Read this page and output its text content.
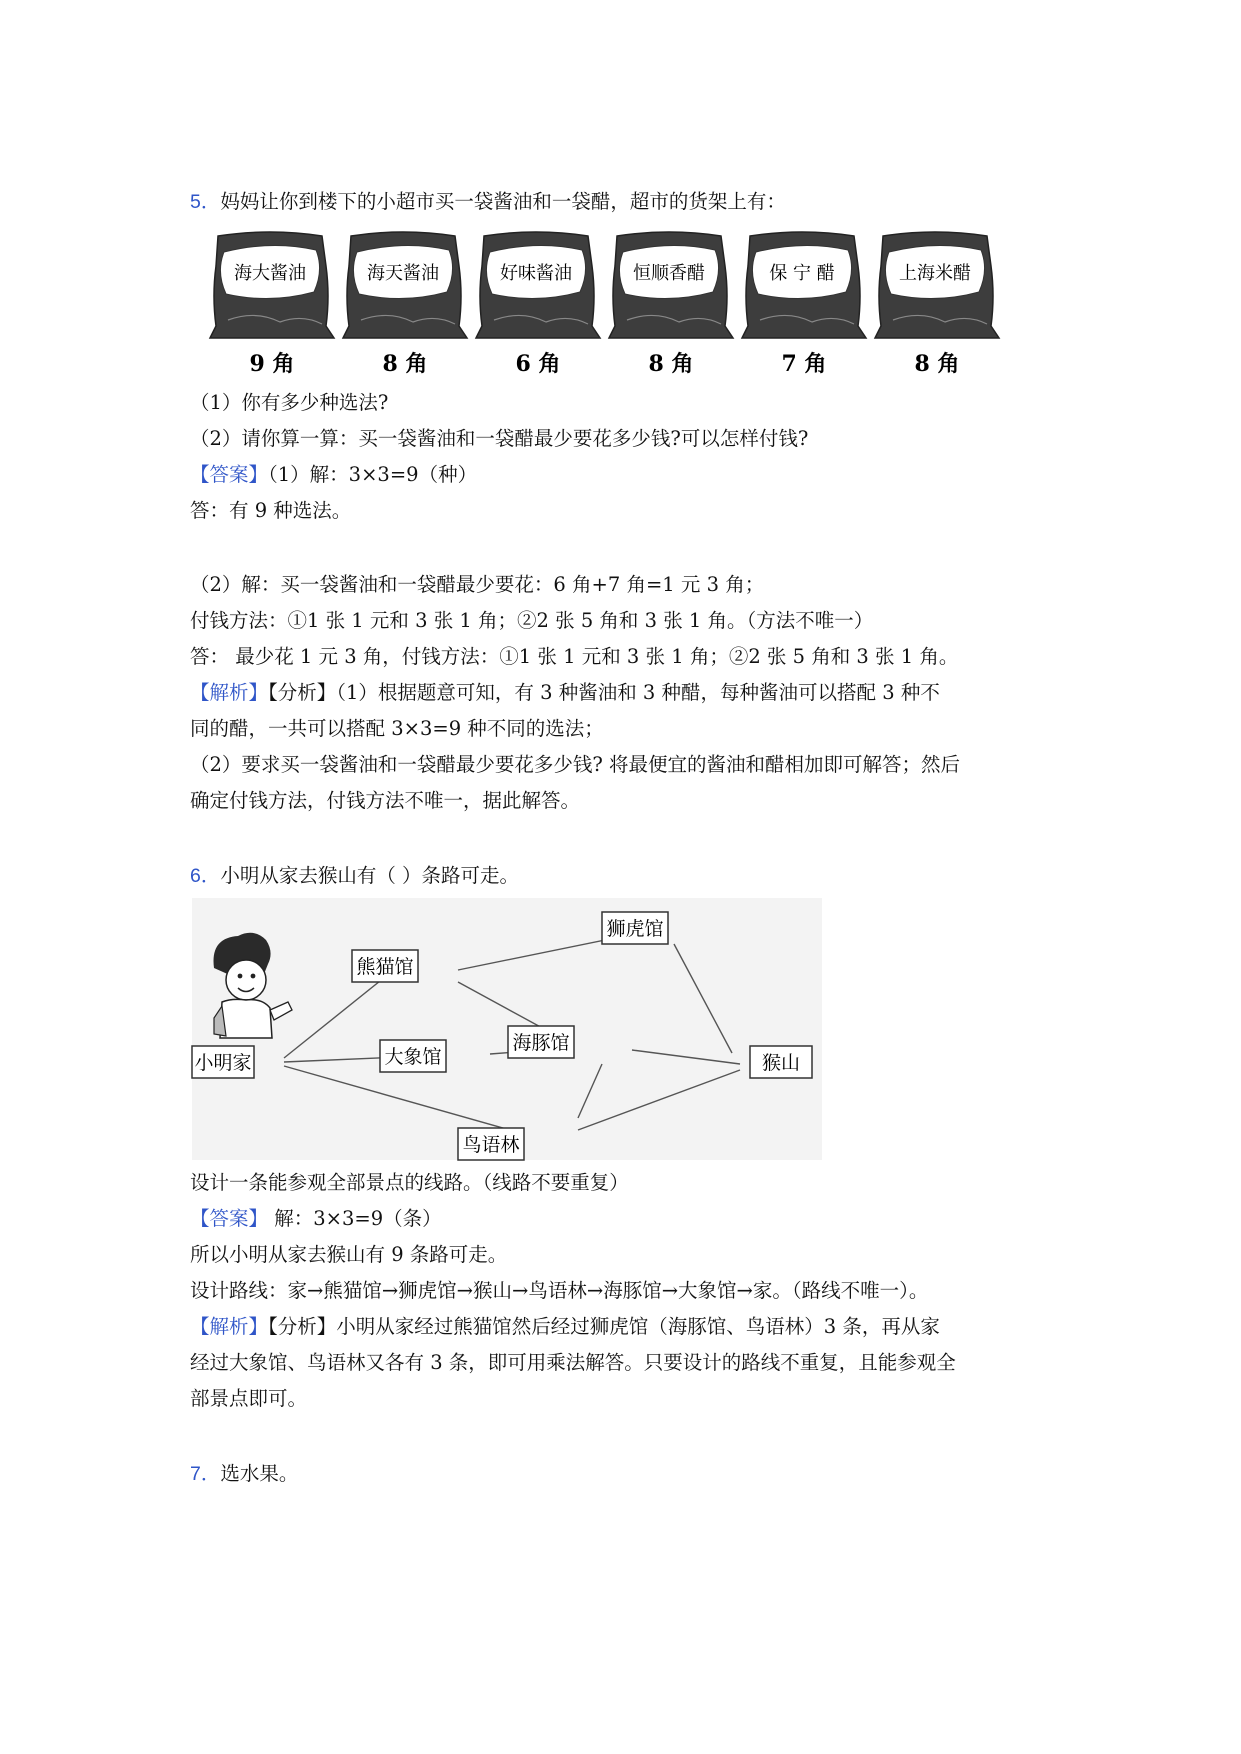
5．妈妈让你到楼下的小超市买一袋酱油和一袋醋，超市的货架上有：
海大酱油
9 角
海天酱油
8 角
好味酱油
6 角
恒顺香醋
8 角
保 宁 醋
7 角
上海米醋
8 角
（1）你有多少种选法?
（2）请你算一算：买一袋酱油和一袋醋最少要花多少钱?可以怎样付钱?
【答案】（1）解：3×3=9（种）
答：有 9 种选法。
（2）解：买一袋酱油和一袋醋最少要花：6 角+7 角=1 元 3 角；
付钱方法：①1 张 1 元和 3 张 1 角；②2 张 5 角和 3 张 1 角。（方法不唯一）
答： 最少花 1 元 3 角，付钱方法：①1 张 1 元和 3 张 1 角；②2 张 5 角和 3 张 1 角。
【解析】【分析】（1）根据题意可知，有 3 种酱油和 3 种醋，每种酱油可以搭配 3 种不
同的醋，一共可以搭配 3×3=9 种不同的选法；
（2）要求买一袋酱油和一袋醋最少要花多少钱? 将最便宜的酱油和醋相加即可解答；然后
确定付钱方法，付钱方法不唯一，据此解答。
6．小明从家去猴山有（ ）条路可走。
小明家
熊猫馆
大象馆
海豚馆
鸟语林
狮虎馆
猴山
设计一条能参观全部景点的线路。（线路不要重复）
【答案】 解：3×3=9（条）
所以小明从家去猴山有 9 条路可走。
设计路线：家→熊猫馆→狮虎馆→猴山→鸟语林→海豚馆→大象馆→家。（路线不唯一）。
【解析】【分析】小明从家经过熊猫馆然后经过狮虎馆（海豚馆、鸟语林）3 条，再从家
经过大象馆、鸟语林又各有 3 条，即可用乘法解答。只要设计的路线不重复，且能参观全
部景点即可。
7．选水果。
